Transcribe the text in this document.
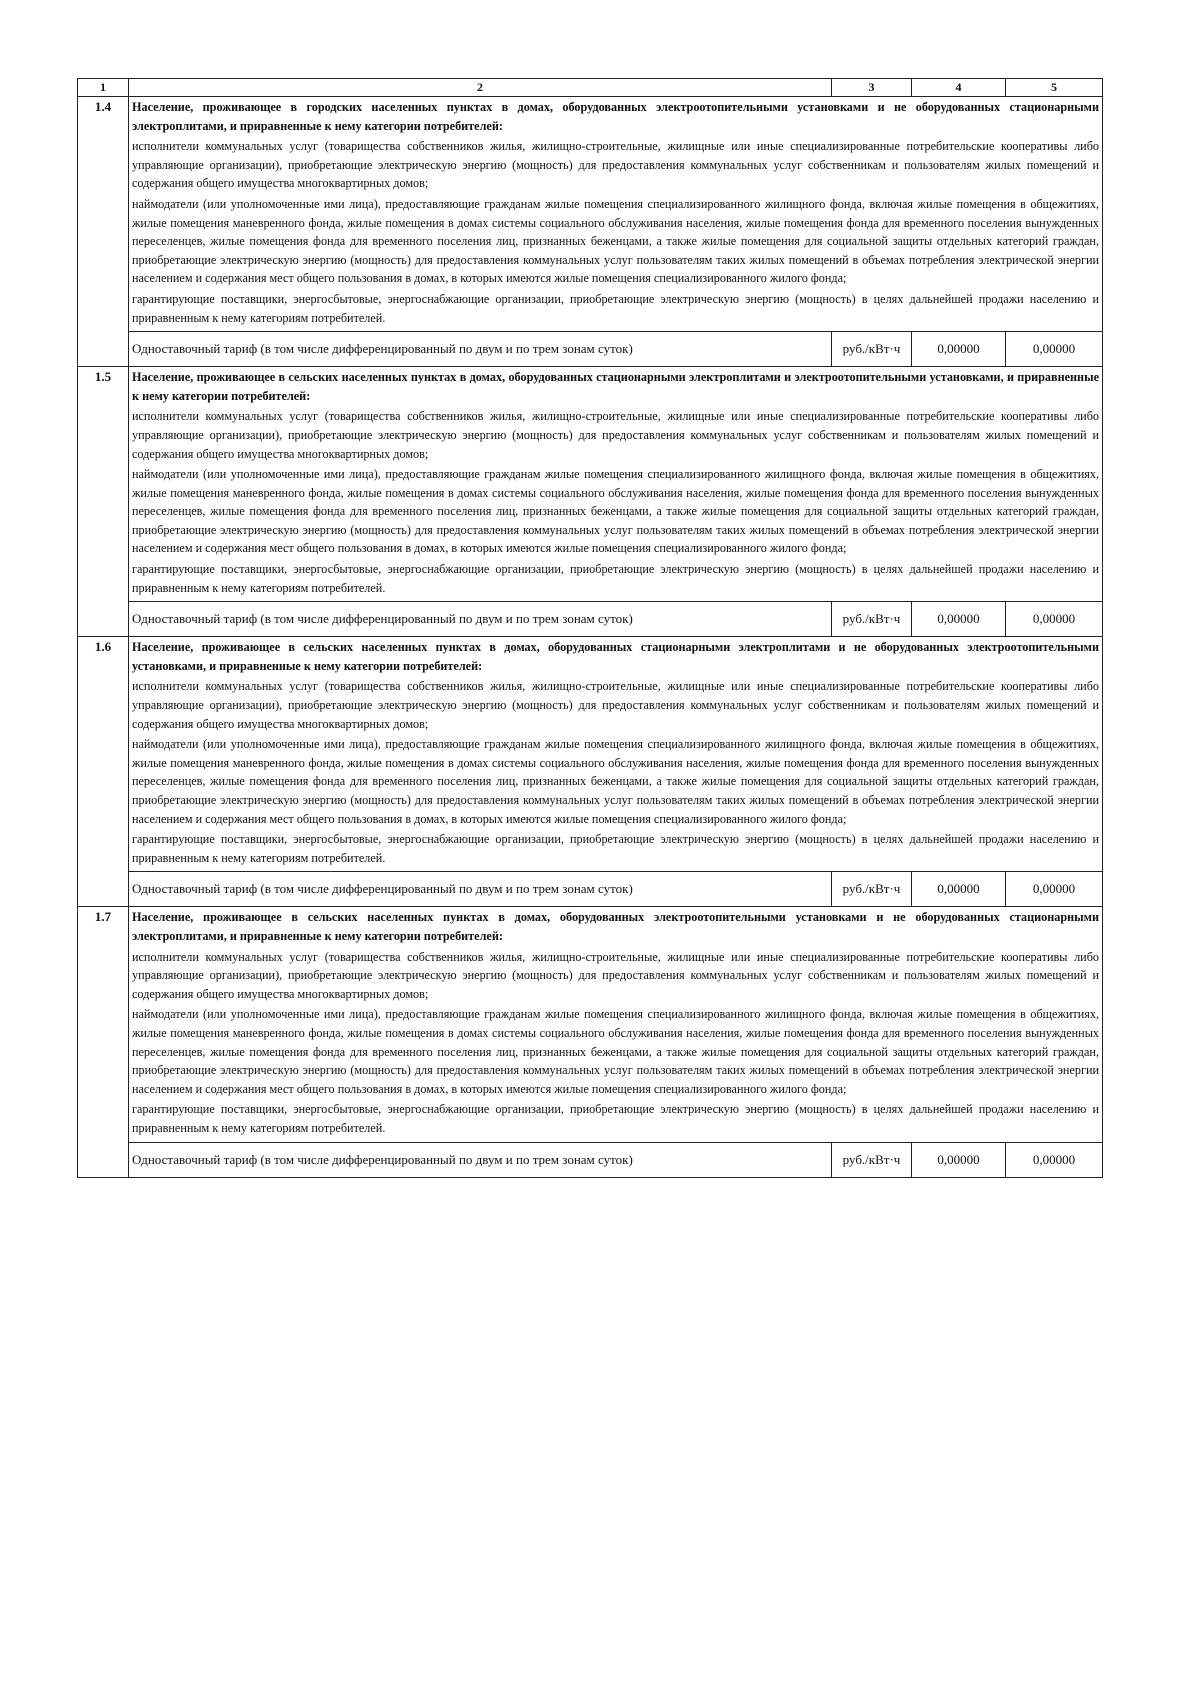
1	2	3	4	5
1.4	Население, проживающее в городских населенных пунктах в домах, оборудованных электроотопительными установками и не оборудованных стационарными электроплитами, и приравненные к нему категории потребителей:

исполнители коммунальных услуг (товарищества собственников жилья, жилищно-строительные, жилищные или иные специализированные потребительские кооперативы либо управляющие организации), приобретающие электрическую энергию (мощность) для предоставления коммунальных услуг собственникам и пользователям жилых помещений и содержания общего имущества многоквартирных домов;

наймодатели (или уполномоченные ими лица), предоставляющие гражданам жилые помещения специализированного жилищного фонда, включая жилые помещения в общежитиях, жилые помещения маневренного фонда, жилые помещения в домах системы социального обслуживания населения, жилые помещения фонда для временного поселения вынужденных переселенцев, жилые помещения фонда для временного поселения лиц, признанных беженцами, а также жилые помещения для социальной защиты отдельных категорий граждан, приобретающие электрическую энергию (мощность) для предоставления коммунальных услуг пользователям таких жилых помещений в объемах потребления электрической энергии населением и содержания мест общего пользования в домах, в которых имеются жилые помещения специализированного жилого фонда;

гарантирующие поставщики, энергосбытовые, энергоснабжающие организации, приобретающие электрическую энергию (мощность) в целях дальнейшей продажи населению и приравненным к нему категориям потребителей.			

	Одноставочный тариф (в том числе дифференцированный по двум и по трем зонам суток)	руб./кВт·ч	0,00000	0,00000
1.5	Население, проживающее в сельских населенных пунктах в домах, оборудованных стационарными электроплитами и электроотопительными установками, и приравненные к нему категории потребителей:

исполнители коммунальных услуг (товарищества собственников жилья, жилищно-строительные, жилищные или иные специализированные потребительские кооперативы либо управляющие организации), приобретающие электрическую энергию (мощность) для предоставления коммунальных услуг собственникам и пользователям жилых помещений и содержания общего имущества многоквартирных домов;

наймодатели (или уполномоченные ими лица), предоставляющие гражданам жилые помещения специализированного жилищного фонда, включая жилые помещения в общежитиях, жилые помещения маневренного фонда, жилые помещения в домах системы социального обслуживания населения, жилые помещения фонда для временного поселения вынужденных переселенцев, жилые помещения фонда для временного поселения лиц, признанных беженцами, а также жилые помещения для социальной защиты отдельных категорий граждан, приобретающие электрическую энергию (мощность) для предоставления коммунальных услуг пользователям таких жилых помещений в объемах потребления электрической энергии населением и содержания мест общего пользования в домах, в которых имеются жилые помещения специализированного жилого фонда;

гарантирующие поставщики, энергосбытовые, энергоснабжающие организации, приобретающие электрическую энергию (мощность) в целях дальнейшей продажи населению и приравненным к нему категориям потребителей.			

	Одноставочный тариф (в том числе дифференцированный по двум и по трем зонам суток)	руб./кВт·ч	0,00000	0,00000
1.6	Население, проживающее в сельских населенных пунктах в домах, оборудованных стационарными электроплитами и не оборудованных электроотопительными установками, и приравненные к нему категории потребителей:

исполнители коммунальных услуг (товарищества собственников жилья, жилищно-строительные, жилищные или иные специализированные потребительские кооперативы либо управляющие организации), приобретающие электрическую энергию (мощность) для предоставления коммунальных услуг собственникам и пользователям жилых помещений и содержания общего имущества многоквартирных домов;

наймодатели (или уполномоченные ими лица), предоставляющие гражданам жилые помещения специализированного жилищного фонда, включая жилые помещения в общежитиях, жилые помещения маневренного фонда, жилые помещения в домах системы социального обслуживания населения, жилые помещения фонда для временного поселения вынужденных переселенцев, жилые помещения фонда для временного поселения лиц, признанных беженцами, а также жилые помещения для социальной защиты отдельных категорий граждан, приобретающие электрическую энергию (мощность) для предоставления коммунальных услуг пользователям таких жилых помещений в объемах потребления электрической энергии населением и содержания мест общего пользования в домах, в которых имеются жилые помещения специализированного жилого фонда;

гарантирующие поставщики, энергосбытовые, энергоснабжающие организации, приобретающие электрическую энергию (мощность) в целях дальнейшей продажи населению и приравненным к нему категориям потребителей.			

	Одноставочный тариф (в том числе дифференцированный по двум и по трем зонам суток)	руб./кВт·ч	0,00000	0,00000
1.7	Население, проживающее в сельских населенных пунктах в домах, оборудованных электроотопительными установками и не оборудованных стационарными электроплитами, и приравненные к нему категории потребителей:

исполнители коммунальных услуг (товарищества собственников жилья, жилищно-строительные, жилищные или иные специализированные потребительские кооперативы либо управляющие организации), приобретающие электрическую энергию (мощность) для предоставления коммунальных услуг собственникам и пользователям жилых помещений и содержания общего имущества многоквартирных домов;

наймодатели (или уполномоченные ими лица), предоставляющие гражданам жилые помещения специализированного жилищного фонда, включая жилые помещения в общежитиях, жилые помещения маневренного фонда, жилые помещения в домах системы социального обслуживания населения, жилые помещения фонда для временного поселения вынужденных переселенцев, жилые помещения фонда для временного поселения лиц, признанных беженцами, а также жилые помещения для социальной защиты отдельных категорий граждан, приобретающие электрическую энергию (мощность) для предоставления коммунальных услуг пользователям таких жилых помещений в объемах потребления электрической энергии населением и содержания мест общего пользования в домах, в которых имеются жилые помещения специализированного жилого фонда;

гарантирующие поставщики, энергосбытовые, энергоснабжающие организации, приобретающие электрическую энергию (мощность) в целях дальнейшей продажи населению и приравненным к нему категориям потребителей.			

	Одноставочный тариф (в том числе дифференцированный по двум и по трем зонам суток)	руб./кВт·ч	0,00000	0,00000
